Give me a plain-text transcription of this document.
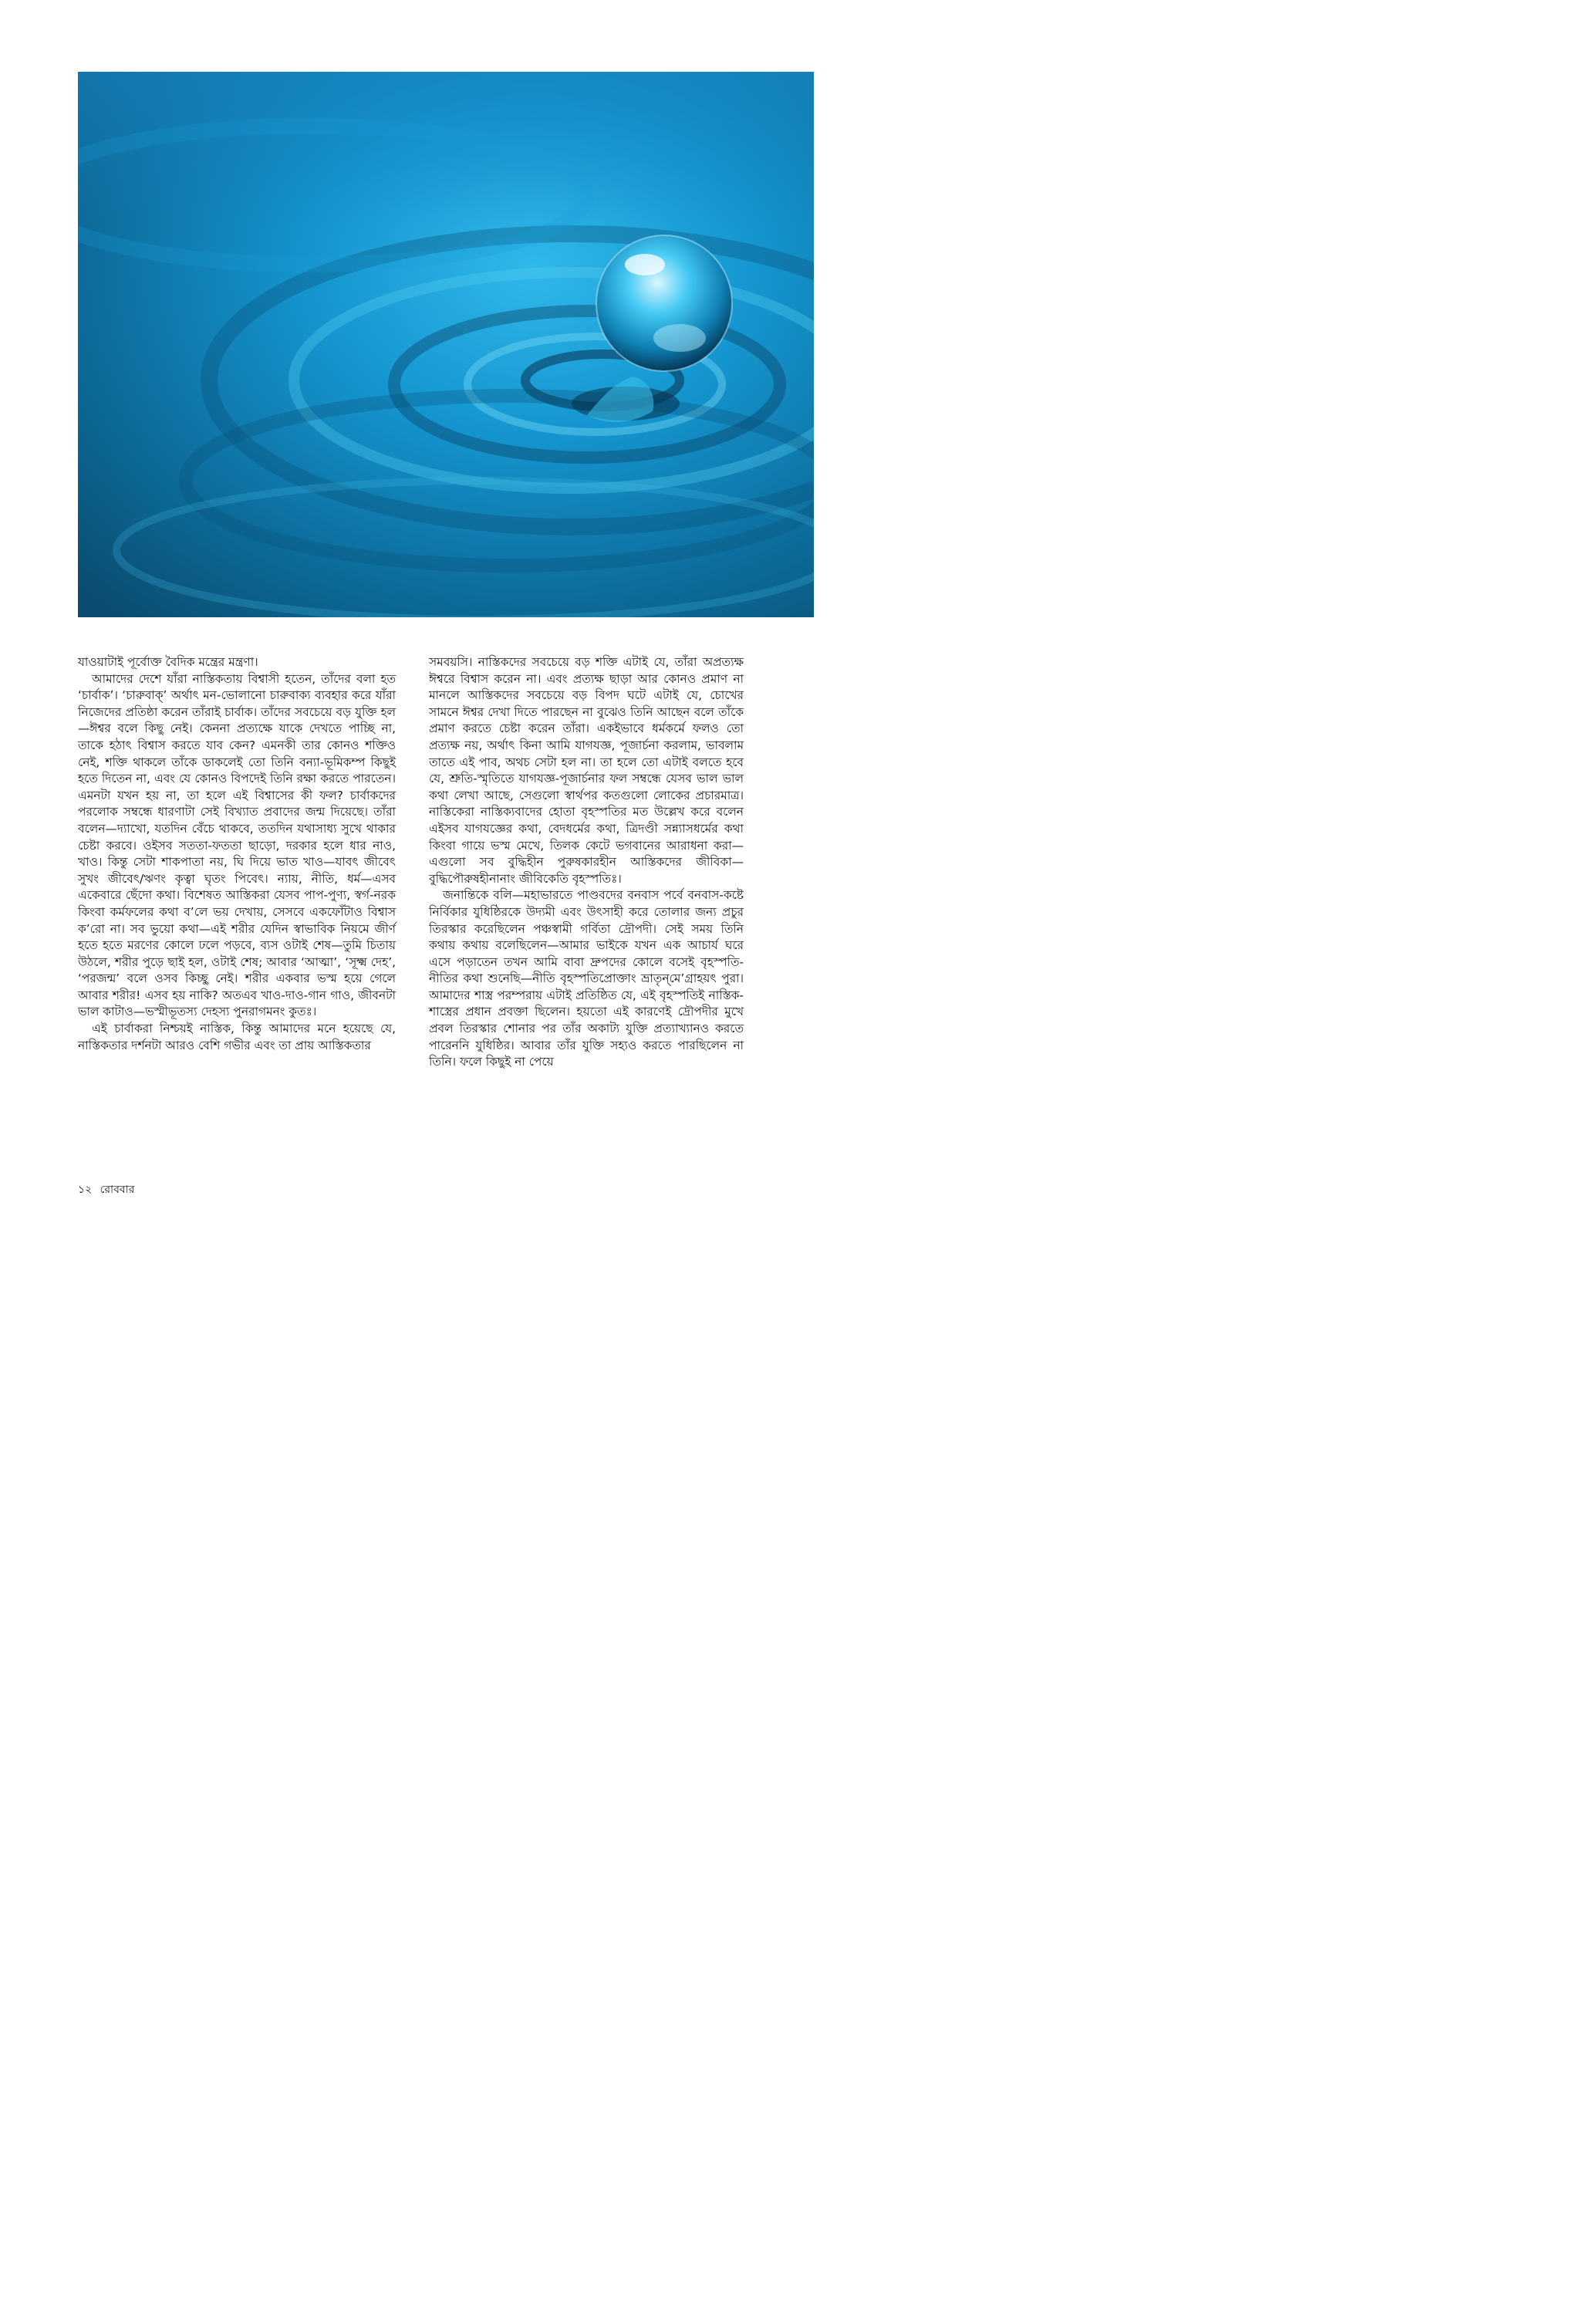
যাওয়াটাই পূর্বোক্ত বৈদিক মন্ত্রের মন্ত্রণা।

আমাদের দেশে যাঁরা নাস্তিকতায় বিশ্বাসী হতেন, তাঁদের বলা হত ‘চার্বাক’। ‘চারুবাক্’ অর্থাৎ মন-ভোলানো চারুবাক্য ব্যবহার করে যাঁরা নিজেদের প্রতিষ্ঠা করেন তাঁরাই চার্বাক। তাঁদের সবচেয়ে বড় যুক্তি হল—ঈশ্বর বলে কিছু নেই। কেননা প্রত্যক্ষে যাকে দেখতে পাচ্ছি না, তাকে হঠাৎ বিশ্বাস করতে যাব কেন? এমনকী তার কোনও শক্তিও নেই, শক্তি থাকলে তাঁকে ডাকলেই তো তিনি বন্যা-ভূমিকম্প কিছুই হতে দিতেন না, এবং যে কোনও বিপদেই তিনি রক্ষা করতে পারতেন। এমনটা যখন হয় না, তা হলে এই বিশ্বাসের কী ফল? চার্বাকদের পরলোক সম্বন্ধে ধারণাটা সেই বিখ্যাত প্রবাদের জন্ম দিয়েছে। তাঁরা বলেন—দ্যাখো, যতদিন বেঁচে থাকবে, ততদিন যথাসাধ্য সুখে থাকার চেষ্টা করবে। ওইসব সততা-ফততা ছাড়ো, দরকার হলে ধার নাও, খাও। কিন্তু সেটা শাকপাতা নয়, ঘি দিয়ে ভাত খাও—যাবৎ জীবেৎ সুখং জীবেৎ/ঋণং কৃত্বা ঘৃতং পিবেৎ। ন্যায়, নীতি, ধর্ম—এসব একেবারে ছেঁদো কথা। বিশেষত আস্তিকরা যেসব পাপ-পুণ্য, স্বর্গ-নরক কিংবা কর্মফলের কথা ব’লে ভয় দেখায়, সেসবে একফোঁটাও বিশ্বাস ক’রো না। সব ভুয়ো কথা—এই শরীর যেদিন স্বাভাবিক নিয়মে জীর্ণ হতে হতে মরণের কোলে ঢলে পড়বে, ব্যস ওটাই শেষ—তুমি চিতায় উঠলে, শরীর পুড়ে ছাই হল, ওটাই শেষ; আবার ‘আত্মা’, ‘সূক্ষ্ম দেহ’, ‘পরজন্ম’ বলে ওসব কিচ্ছু নেই। শরীর একবার ভস্ম হয়ে গেলে আবার শরীর! এসব হয় নাকি? অতএব খাও-দাও-গান গাও, জীবনটা ভাল কাটাও—ভস্মীভূতস্য দেহস্য পুনরাগমনং কুতঃ।

এই চার্বাকরা নিশ্চয়ই নাস্তিক, কিন্তু আমাদের মনে হয়েছে যে, নাস্তিকতার দর্শনটা আরও বেশি গভীর এবং তা প্রায় আস্তিকতার

সমবয়সি। নাস্তিকদের সবচেয়ে বড় শক্তি এটাই যে, তাঁরা অপ্রত্যক্ষ ঈশ্বরে বিশ্বাস করেন না। এবং প্রত্যক্ষ ছাড়া আর কোনও প্রমাণ না মানলে আস্তিকদের সবচেয়ে বড় বিপদ ঘটে এটাই যে, চোখের সামনে ঈশ্বর দেখা দিতে পারছেন না বুঝেও তিনি আছেন বলে তাঁকে প্রমাণ করতে চেষ্টা করেন তাঁরা। একইভাবে ধর্মকর্মে ফলও তো প্রত্যক্ষ নয়, অর্থাৎ কিনা আমি যাগযজ্ঞ, পূজার্চনা করলাম, ভাবলাম তাতে এই পাব, অথচ সেটা হল না। তা হলে তো এটাই বলতে হবে যে, শ্রুতি-স্মৃতিতে যাগযজ্ঞ-পূজার্চনার ফল সম্বন্ধে যেসব ভাল ভাল কথা লেখা আছে, সেগুলো স্বার্থপর কতগুলো লোকের প্রচারমাত্র। নাস্তিকেরা নাস্তিক্যবাদের হোতা বৃহস্পতির মত উল্লেখ করে বলেন এইসব যাগযজ্ঞের কথা, বেদধর্মের কথা, ত্রিদণ্ডী সন্ন্যাসধর্মের কথা কিংবা গায়ে ভস্ম মেখে, তিলক কেটে ভগবানের আরাধনা করা—এগুলো সব বুদ্ধিহীন পুরুষকারহীন আস্তিকদের জীবিকা—বুদ্ধিপৌরুষহীনানাং জীবিকেতি বৃহস্পতিঃ।

জনান্তিকে বলি—মহাভারতে পাণ্ডবদের বনবাস পর্বে বনবাস-কষ্টে নির্বিকার যুধিষ্ঠিরকে উদ্যমী এবং উৎসাহী করে তোলার জন্য প্রচুর তিরস্কার করেছিলেন পঞ্চস্বামী গর্বিতা দ্রৌপদী। সেই সময় তিনি কথায় কথায় বলেছিলেন—আমার ভাইকে যখন এক আচার্য ঘরে এসে পড়াতেন তখন আমি বাবা দ্রুপদের কোলে বসেই বৃহস্পতি-নীতির কথা শুনেছি—নীতি বৃহস্পতিপ্রোক্তাং ভ্রাতৃন্‌মে’গ্রাহয়ৎ পুরা। আমাদের শাস্ত্র পরম্পরায় এটাই প্রতিষ্ঠিত যে, এই বৃহস্পতিই নাস্তিক-শাস্ত্রের প্রধান প্রবক্তা ছিলেন। হয়তো এই কারণেই দ্রৌপদীর মুখে প্রবল তিরস্কার শোনার পর তাঁর অকাট্য যুক্তি প্রত্যাখ্যানও করতে পারেননি যুধিষ্ঠির। আবার তাঁর যুক্তি সহ্যও করতে পারছিলেন না তিনি। ফলে কিছুই না পেয়ে

১২ রোববার
